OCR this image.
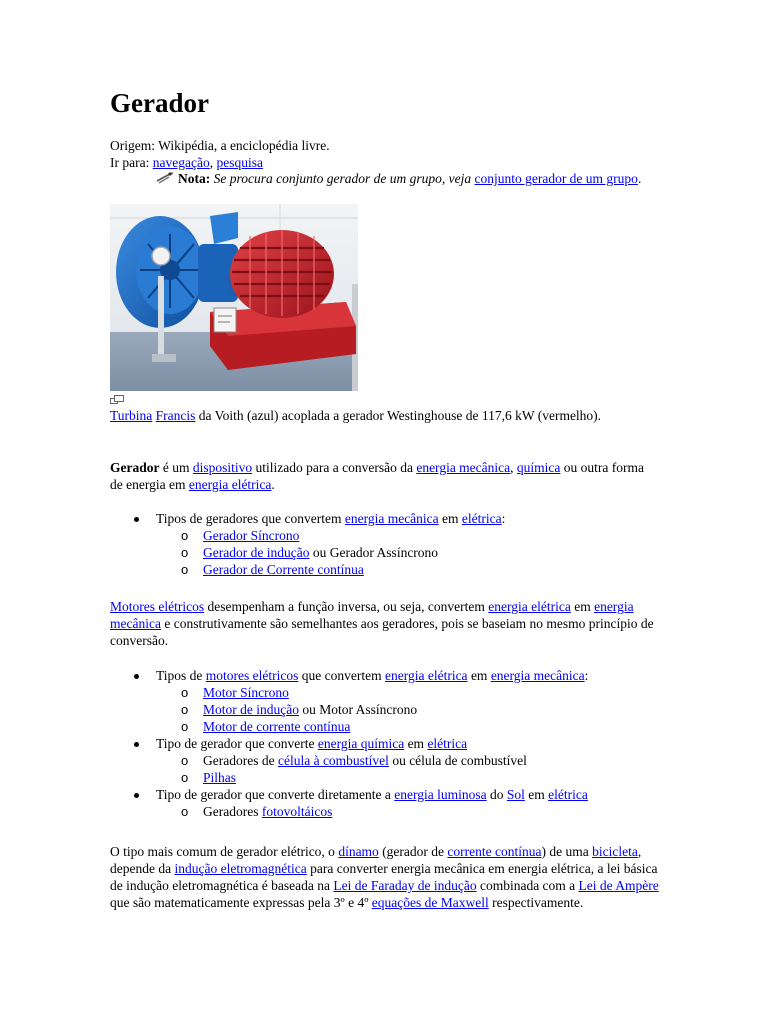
Gerador
Origem: Wikipédia, a enciclopédia livre.
Ir para: navegação, pesquisa
Nota: Se procura conjunto gerador de um grupo, veja conjunto gerador de um grupo.
Turbina Francis da Voith (azul) acoplada a gerador Westinghouse de 117,6 kW (vermelho).
Gerador é um dispositivo utilizado para a conversão da energia mecânica, química ou outra forma de energia em energia elétrica.
Tipos de geradores que convertem energia mecânica em elétrica:
o Gerador Síncrono
o Gerador de indução ou Gerador Assíncrono
o Gerador de Corrente contínua
Motores elétricos desempenham a função inversa, ou seja, convertem energia elétrica em energia mecânica e construtivamente são semelhantes aos geradores, pois se baseiam no mesmo princípio de conversão.
Tipos de motores elétricos que convertem energia elétrica em energia mecânica:
o Motor Síncrono
o Motor de indução ou Motor Assíncrono
o Motor de corrente contínua
Tipo de gerador que converte energia química em elétrica
o Geradores de célula à combustível ou célula de combustível
o Pilhas
Tipo de gerador que converte diretamente a energia luminosa do Sol em elétrica
o Geradores fotovoltáicos
O tipo mais comum de gerador elétrico, o dínamo (gerador de corrente contínua) de uma bicicleta, depende da indução eletromagnética para converter energia mecânica em energia elétrica, a lei básica de indução eletromagnética é baseada na Lei de Faraday de indução combinada com a Lei de Ampère que são matematicamente expressas pela 3º e 4º equações de Maxwell respectivamente.
